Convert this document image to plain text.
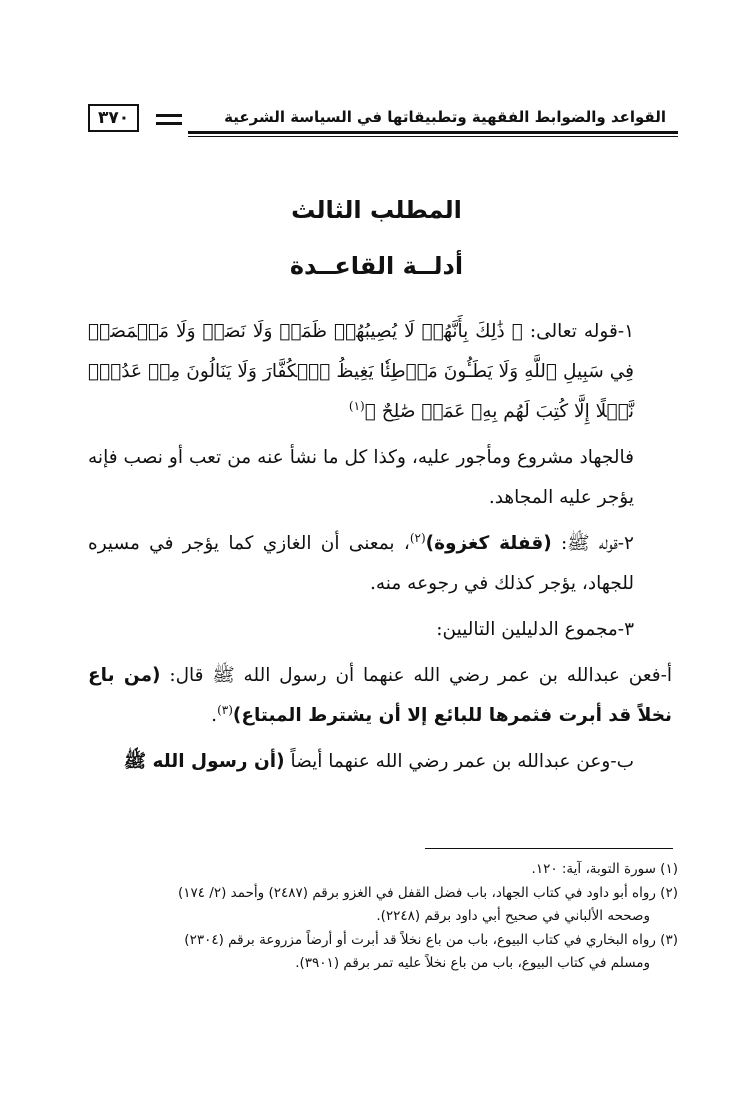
القواعد والضوابط الفقهية وتطبيقاتها في السياسة الشرعية
٣٧٠
المطلب الثالث
أدلــة القاعــدة

١-قوله تعالى: ﴿ ذَٰلِكَ بِأَنَّهُمۡ لَا يُصِيبُهُمۡ ظَمَأٞ وَلَا نَصَبٞ وَلَا مَخۡمَصَةٞ فِي سَبِيلِ ٱللَّهِ وَلَا يَطَـُٔونَ مَوۡطِئٗا يَغِيظُ ٱلۡكُفَّارَ وَلَا يَنَالُونَ مِنۡ عَدُوّٖ نَّيۡلًا إِلَّا كُتِبَ لَهُم بِهِۦ عَمَلٞ صَٰلِحٌ ﴾$^{(١)}$

فالجهاد مشروع ومأجور عليه، وكذا كل ما نشأ عنه من تعب أو نصب فإنه يؤجر عليه المجاهد.

٢-قوله ﷺ: (قفلة كغزوة)$^{(٢)}$، بمعنى أن الغازي كما يؤجر في مسيره للجهاد، يؤجر كذلك في رجوعه منه.

٣-مجموع الدليلين التاليين:

أ-فعن عبدالله بن عمر رضي الله عنهما أن رسول الله ﷺ قال: (من باع نخلاً قد أبرت فثمرها للبائع إلا أن يشترط المبتاع)$^{(٣)}$.

ب-وعن عبدالله بن عمر رضي الله عنهما أيضاً (أن رسول الله ﷺ

(١) سورة التوبة، آية: ١٢٠.

(٢) رواه أبو داود في كتاب الجهاد، باب فضل القفل في الغزو برقم (٢٤٨٧) وأحمد (٢/ ١٧٤)

وصححه الألباني في صحيح أبي داود برقم (٢٢٤٨).

(٣) رواه البخاري في كتاب البيوع، باب من باع نخلاً قد أبرت أو أرضاً مزروعة برقم (٢٣٠٤)

ومسلم في كتاب البيوع، باب من باع نخلاً عليه تمر برقم (٣٩٠١).
